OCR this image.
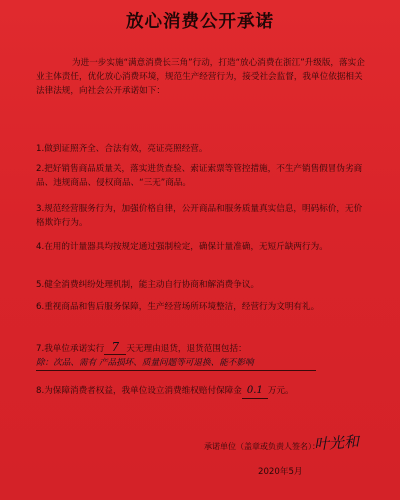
放心消费公开承诺
为进一步实施“满意消费长三角”行动，打造“放心消费在浙江”升级版，落实企业主体责任，优化放心消费环境，规范生产经营行为，接受社会监督，我单位依据相关法律法规，向社会公开承诺如下：
1.做到证照齐全、合法有效，亮证亮照经营。
2.把好销售商品质量关，落实进货查验、索证索票等管控措施，不生产销售假冒伪劣商品、违规商品、侵权商品、“三无”商品。
3.规范经营服务行为，加强价格自律，公开商品和服务质量真实信息，明码标价，无价格欺诈行为。
4.在用的计量器具均按规定通过强制检定，确保计量准确，无短斤缺两行为。
5.健全消费纠纷处理机制，能主动自行协商和解消费争议。
6.重视商品和售后服务保障，生产经营场所环境整洁，经营行为文明有礼。
7.我单位承诺实行 7 天无理由退货，退货范围包括：
除：次品、需有 产品损坏、质量问题等可退换、能不影响
8.为保障消费者权益，我单位设立消费维权赔付保障金 0.1 万元。
承诺单位（盖章或负责人签名）：
叶光和
2020年5月
